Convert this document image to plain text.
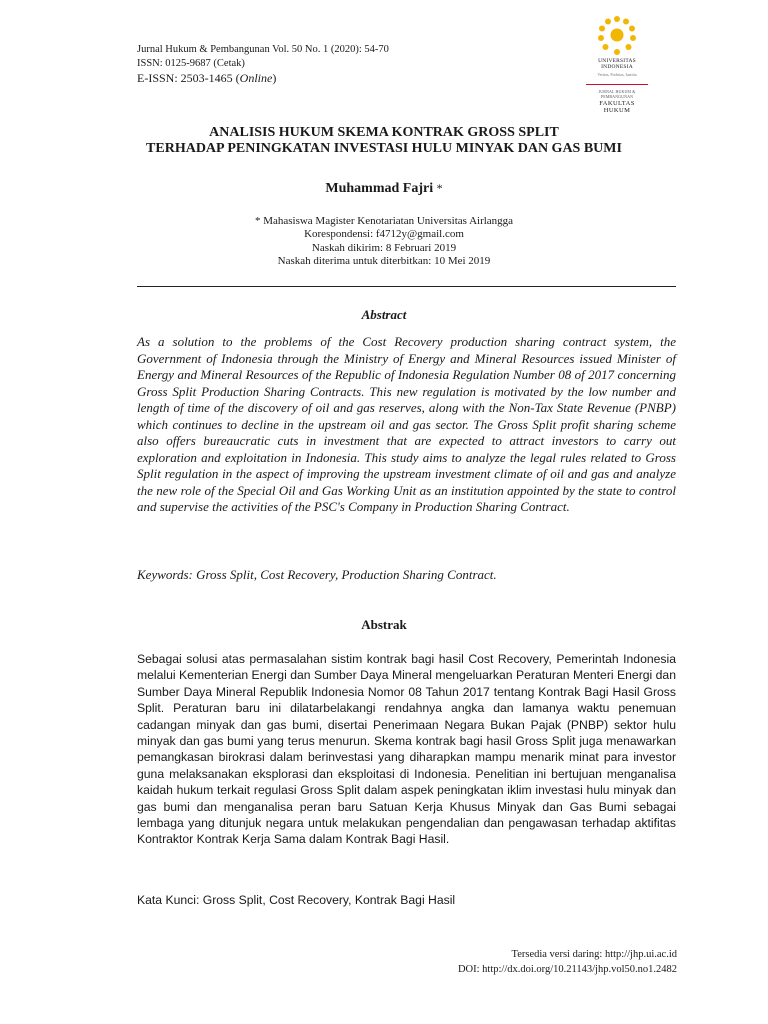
Jurnal Hukum & Pembangunan Vol. 50 No. 1 (2020): 54-70
ISSN: 0125-9687 (Cetak)
E-ISSN: 2503-1465 (Online)
UNIVERSITAS
INDONESIA
Veritas, Probitas, Iustitia
JURNAL HUKUM & PEMBANGUNAN
FAKULTAS HUKUM
ANALISIS HUKUM SKEMA KONTRAK GROSS SPLIT
TERHADAP PENINGKATAN INVESTASI HULU MINYAK DAN GAS BUMI
Muhammad Fajri *
* Mahasiswa Magister Kenotariatan Universitas Airlangga
Korespondensi: f4712y@gmail.com
Naskah dikirim: 8 Februari 2019
Naskah diterima untuk diterbitkan: 10 Mei 2019
Abstract

As a solution to the problems of the Cost Recovery production sharing contract system, the Government of Indonesia through the Ministry of Energy and Mineral Resources issued Minister of Energy and Mineral Resources of the Republic of Indonesia Regulation Number 08 of 2017 concerning Gross Split Production Sharing Contracts. This new regulation is motivated by the low number and length of time of the discovery of oil and gas reserves, along with the Non-Tax State Revenue (PNBP) which continues to decline in the upstream oil and gas sector. The Gross Split profit sharing scheme also offers bureaucratic cuts in investment that are expected to attract investors to carry out exploration and exploitation in Indonesia. This study aims to analyze the legal rules related to Gross Split regulation in the aspect of improving the upstream investment climate of oil and gas and analyze the new role of the Special Oil and Gas Working Unit as an institution appointed by the state to control and supervise the activities of the PSC's Company in Production Sharing Contract.

Keywords: Gross Split, Cost Recovery, Production Sharing Contract.

Abstrak

Sebagai solusi atas permasalahan sistim kontrak bagi hasil Cost Recovery, Pemerintah Indonesia melalui Kementerian Energi dan Sumber Daya Mineral mengeluarkan Peraturan Menteri Energi dan Sumber Daya Mineral Republik Indonesia Nomor 08 Tahun 2017 tentang Kontrak Bagi Hasil Gross Split. Peraturan baru ini dilatarbelakangi rendahnya angka dan lamanya waktu penemuan cadangan minyak dan gas bumi, disertai Penerimaan Negara Bukan Pajak (PNBP) sektor hulu minyak dan gas bumi yang terus menurun. Skema kontrak bagi hasil Gross Split juga menawarkan pemangkasan birokrasi dalam berinvestasi yang diharapkan mampu menarik minat para investor guna melaksanakan eksplorasi dan eksploitasi di Indonesia. Penelitian ini bertujuan menganalisa kaidah hukum terkait regulasi Gross Split dalam aspek peningkatan iklim investasi hulu minyak dan gas bumi dan menganalisa peran baru Satuan Kerja Khusus Minyak dan Gas Bumi sebagai lembaga yang ditunjuk negara untuk melakukan pengendalian dan pengawasan terhadap aktifitas Kontraktor Kontrak Kerja Sama dalam Kontrak Bagi Hasil.

Kata Kunci: Gross Split, Cost Recovery, Kontrak Bagi Hasil

Tersedia versi daring: http://jhp.ui.ac.id
DOI: http://dx.doi.org/10.21143/jhp.vol50.no1.2482
